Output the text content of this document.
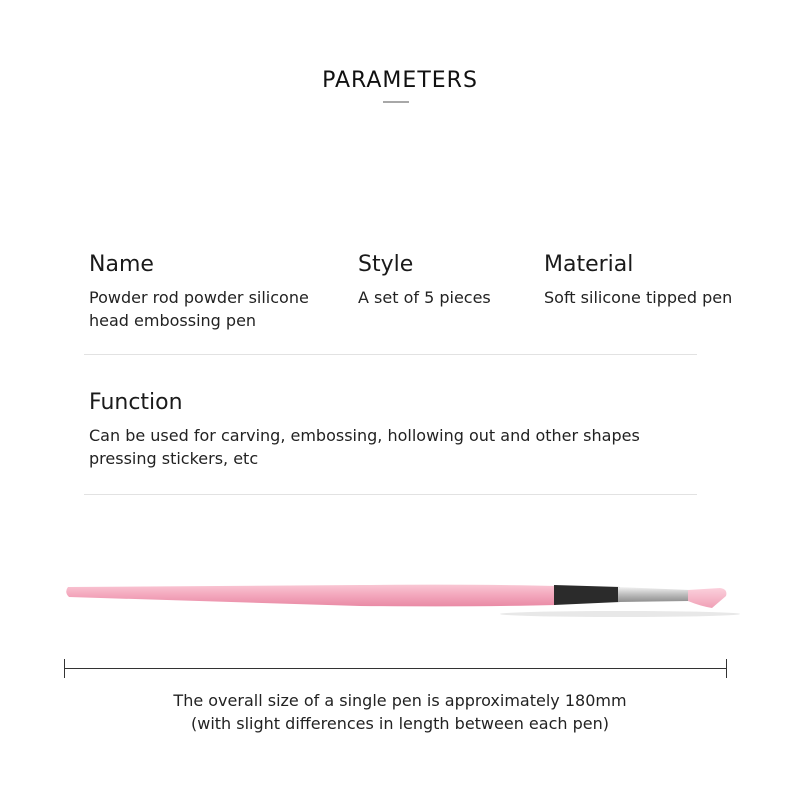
PARAMETERS
Name
Powder rod powder silicone
head embossing pen
Style
A set of 5 pieces
Material
Soft silicone tipped pen
Function
Can be used for carving, embossing, hollowing out and other shapes
pressing stickers, etc
The overall size of a single pen is approximately 180mm
(with slight differences in length between each pen)
